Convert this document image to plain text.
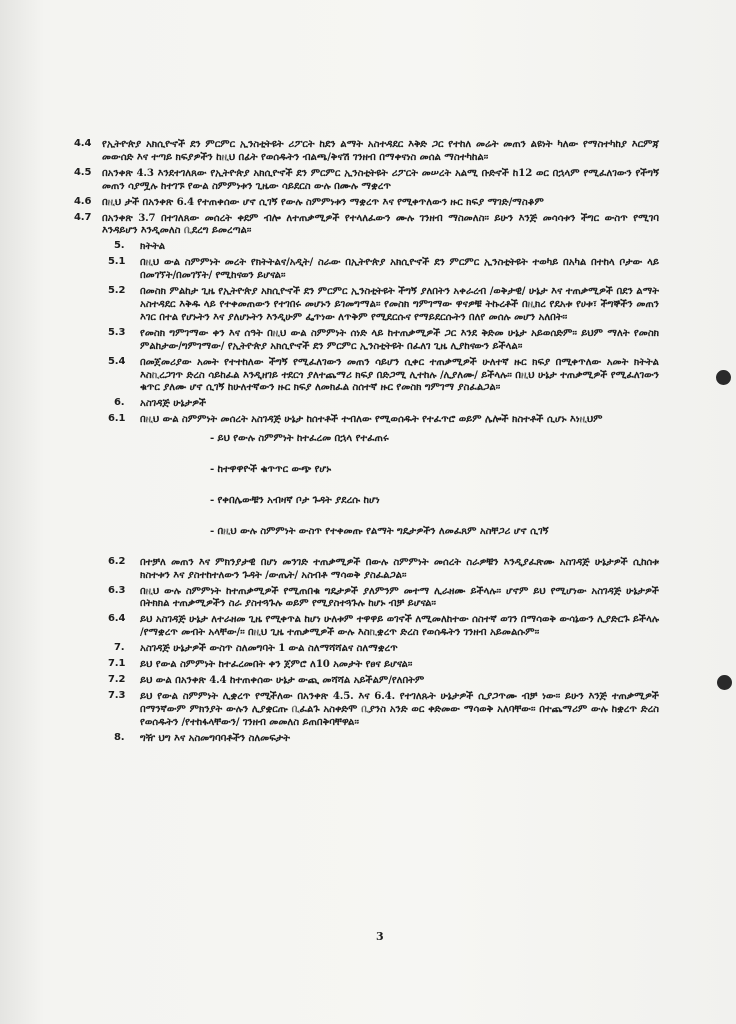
4.4 የኢትዮጵያ አክሲዮኖች ደን ምርምር ኢንስቲትዩት ሪፖርት ከደን ልማት አስተዳደር እቅድ ጋር የተከለ መሬት መጠን ልዩነት ካለው የማስተካከያ እርምጃ መውሰድ እና ተጣይ ክፍያዎችን ከዚህ በፊት የወሰዱትን ብልጫ/ቅናሽ ገንዘብ በማቀናነስ መሰል ማስተካከል፡፡
4.5 በአንቀጽ 4.3 እንደተገለጸው የኢትዮጵያ አክሲዮኖች ደን ምርምር ኢንስቲትዩት ሪፖርት መሠረት አልሚ ቡድኖች ከ12 ወር በኋላም የሚፈለገውን የችግኝ መጠን ሳያሟሉ ከተገኙ የውል ስምምነቱን ጊዜው ሳይደርስ ውሉ በሙሉ ማቋረጥ
4.6 በዚህ ታች በአንቀጽ 6.4 የተጠቀሰው ሆኖ ሲገኝ የውሉ ስምምነቱን ማቋረጥ እና የሚቀጥለውን ዙር ክፍያ ማገድ/ማስቆም
4.7 በአንቀጽ 3.7 በተገለጸው መሰረት ቀደም ብሎ ለተጠቃሚዎች የተላለፈውን ሙሉ ገንዘብ ማስመለስ፡፡ ይሁን እንጅ መሳሳቱን ችግር ውስጥ የሚገባ እንዳይሆን እንዲመለስ ቢደረግ ይመረጣል፡፡
5. ክትትል
5.1 በዚህ ውል ስምምነት መረት የክትትልና/አዲት/ ስራው በኢትዮጵያ አክሲዮኖች ደን ምርምር ኢንስቲትዩት ተወካይ በአካል በተከላ ቦታው ላይ በመገኘት/በመገኘት/ የሚከናወን ይሆናል፡፡
5.2 በመስክ ምልከታ ጊዜ የኢትዮጵያ አክሲዮኖች ደን ምርምር ኢንስቲትዩት ችግኝ ያለበትን አቀራረብ /ወቅታዊ/ ሁኔታ እና ተጠቃሚዎች በደን ልማት አስተዳደር እቅዱ ላይ የተቀመጠውን የተገበሩ መሆኑን ይገመግማል፡፡ የመስክ ግምገማው ዋናዎቹ ትኩረቶች በዚክረ የደአቱ የሀቱ፣ ችግኞችን መጠን እገር በተል የሆኑትን እና ያለሆኑትን እንዲሁም ፌጥነው ለጥቅም የሚደርሱና የማይደርሱትን በለየ መሰሉ መሆን አለበት፡፡
5.3 የመስክ ግምገማው ቀን እና ሰዓት በዚህ ውል ስምምነት ሰነድ ላይ ከተጠቃሚዎች ጋር እንደ ቅድመ ሁኔታ አይወሰድም፡፡ ይህም ማለት የመስክ ምልከታው/ግምገማው/ የኢትዮጵያ አክሲዮኖች ደን ምርምር ኢንስቲትዩት በፈለገ ጊዜ ሊያከናውን ይችላል፡፡
5.4 በመጀመሪያው አመት የተተከለው ችግኝ የሚፈለገውን መጠን ሳይሆን ሲቀር ተጠቃሚዎች ሁለተኛ ዙር ክፍያ በሚቀጥለው አመት ክትትል እስኪረጋገጥ ድረስ ሳይከፈል እንዲዘገይ ተደርጎ ያለተጨማሪ ክፍያ በድጋሚ ሊተከሉ /ሊያለሙ/ ይችላሉ፡፡ በዚህ ሁኔታ ተጠቃሚዎች የሚፈለገውን ቁጥር ያለሙ ሆኖ ሲገኝ ከሁለተኛውን ዙር ክፍያ ለመክፈል ስሰተኛ ዙር የመስክ ግምገማ ያስፈልጋል፡፡
6. አስገዳጅ ሁኔታዎች
6.1 በዚህ ውል ስምምነት መሰረት አስገዳጅ ሁኔታ ከሰተቶች ተብለው የሚወሰዱት የተፈጥሮ ወይም ሌሎች ክስተቶች ሲሆኑ እነዚህም
- ይህ የውሉ ስምምነት ከተፈረመ በኋላ የተፈጠሩ
- ከተዋዋዮች ቁጥጥር ውጭ የሆኑ
- የቀበሌውቹን አብዛኛ ቦታ ጉዳት ያደረሱ ከሆነ
- በዚህ ውሉ ስምምነት ውስጥ የተቀመጡ የልማት ግዴታዎችን ለመፈጸም አስቸጋሪ ሆኖ ሲገኝ
6.2 በተቻለ መጠን እና ምክንያታዊ በሆነ መንገድ ተጠቃሚዎች በውሉ ስምምነት መሰረት ስራዎቹን እንዲያፈጽሙ አስገዳጅ ሁኔታዎች ሲከሰቱ ክስተቱን እና ያስተከተለውን ጉዳት /ውጤት/ አስብቶ ማሳወቅ ያስፈልጋል፡፡
6.3 በዚህ ውሉ ስምምነት ከተጠቃሚዎች የሚጠበቁ ግዴታዎች ያለምንም መተማ ሊራዘሙ ይችላሉ፡፡ ሆኖም ይህ የሚሆነው አስገዳጅ ሁኔታዎች በትክክል ተጠቃሚዎችን ስራ ያስተጓጉሉ ወይም የሚያስተጓጉሉ ከሆኑ ብቻ ይሆናል፡፡
6.4 ይህ አስገዳጅ ሁኔታ ለተራዘመ ጊዜ የሚቀጥል ከሆነ ሁለቱም ተዋዋይ ወገኖች ለሚመለከተው ሰስተኛ ወገን በማሳወቅ ውሳኔውን ሊያድርጉ ይችላሉ /የማቋረጥ መብት አላቸው/፡፡ በዚህ ጊዜ ተጠቃሚዎች ውሉ እስኪቋረጥ ድረስ የወሰዱትን ገንዘብ አይመልሱም፡፡
7. አስገዳጅ ሁኔታዎች ውስጥ ስለመግባት 1 ውል ስለማሻሻልና ስለማቋረጥ
7.1 ይህ የውል ስምምነት ከተፈረመበት ቀን ጀምሮ ለ10 አመታት የፀና ይሆናል፡፡
7.2 ይህ ውል በአንቀጽ 4.4 ከተጠቀሰው ሁኔታ ውጪ መሻሻል አይችልም/የለበትም
7.3 ይህ የውል ስምምነት ሊቋረጥ የሚችለው በአንቀጽ 4.5. እና 6.4. የተገለጹት ሁኔታዎች ሲያጋጥሙ ብቻ ነው፡፡ ይሁን እንጅ ተጠቃሚዎች በማንኛውም ምክንያት ውሉን ሊያቋርጡ ቢፈልጉ አስቀድሞ ቢያንስ አንድ ወር ቀድመው ማሳወቅ አለባቸው፡፡ በተጨማሪም ውሉ ከቋረጥ ድረስ የወሰዱትን /የተከፋላቸውን/ ገንዘብ መመለስ ይጠበቅባቸዋል፡፡
8. ግዥ ህግ እና አስመግባባቶችን ስለመፍታት
3
